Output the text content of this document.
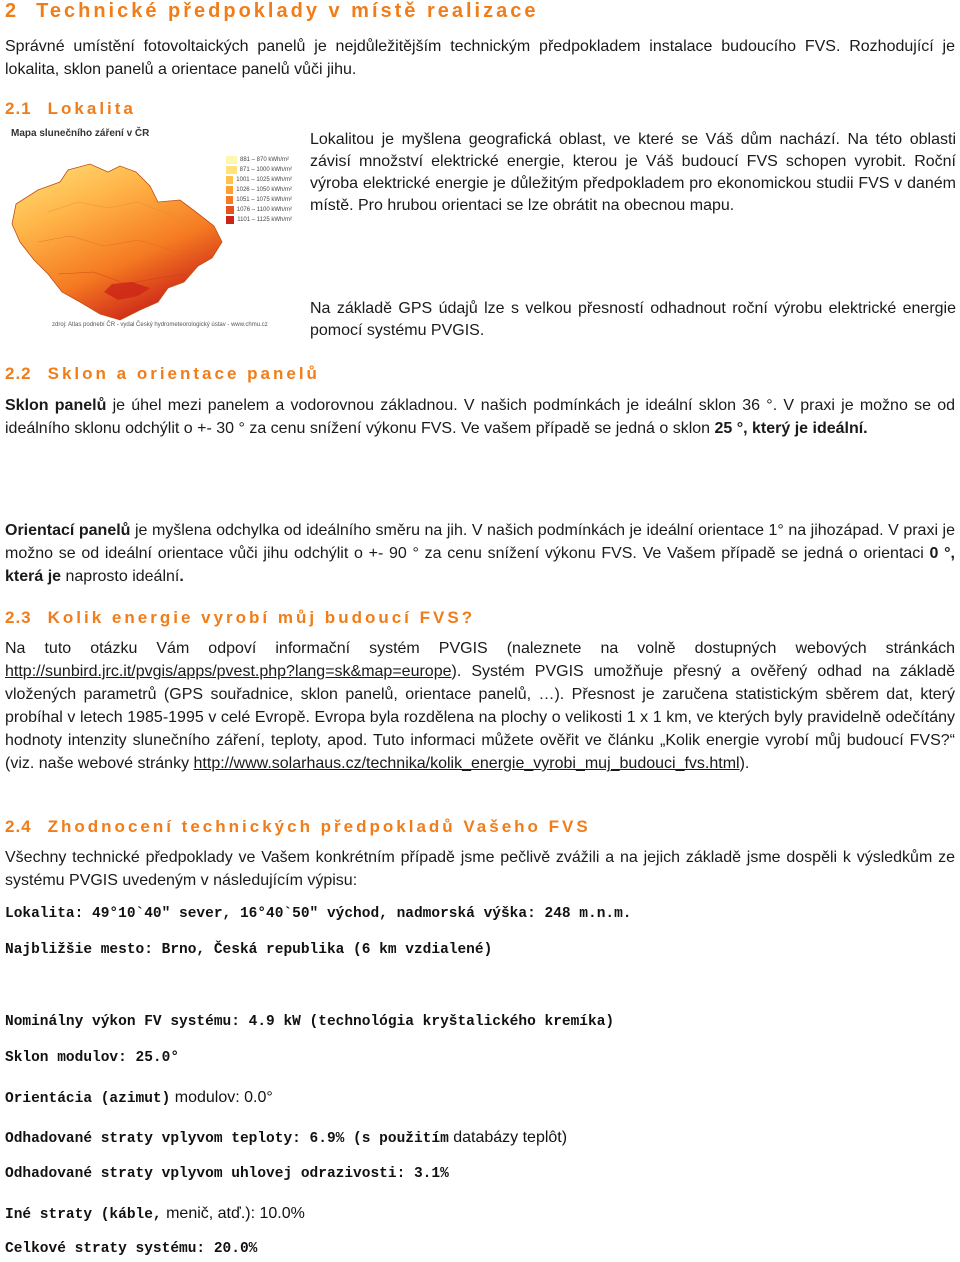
2 Technické předpoklady v místě realizace

Správné umístění fotovoltaických panelů je nejdůležitějším technickým předpokladem instalace budoucího FVS. Rozhodující je lokalita, sklon panelů a orientace panelů vůči jihu.

2.1 Lokalita
Mapa slunečního záření v ČR
881 – 870 kWh/m²
871 – 1000 kWh/m²
1001 – 1025 kWh/m²
1026 – 1050 kWh/m²
1051 – 1075 kWh/m²
1076 – 1100 kWh/m²
1101 – 1125 kWh/m²
zdroj: Atlas podnebí ČR - vydal Český hydrometeorologický ústav - www.chmu.cz

Lokalitou je myšlena geografická oblast, ve které se Váš dům nachází. Na této oblasti závisí množství elektrické energie, kterou je Váš budoucí FVS schopen vyrobit. Roční výroba elektrické energie je důležitým předpokladem pro ekonomickou studii FVS v daném místě. Pro hrubou orientaci se lze obrátit na obecnou mapu.

Na základě GPS údajů lze s velkou přesností odhadnout roční výrobu elektrické energie pomocí systému PVGIS.

2.2 Sklon a orientace panelů

Sklon panelů je úhel mezi panelem a vodorovnou základnou. V našich podmínkách je ideální sklon 36 °. V praxi je možno se od ideálního sklonu odchýlit o +- 30 ° za cenu snížení výkonu FVS. Ve vašem případě se jedná o sklon 25 °, který je ideální.

Orientací panelů je myšlena odchylka od ideálního směru na jih. V našich podmínkách je ideální orientace 1° na jihozápad. V praxi je možno se od ideální orientace vůči jihu odchýlit o +- 90 ° za cenu snížení výkonu FVS. Ve Vašem případě se jedná o orientaci 0 °, která je naprosto ideální.

2.3 Kolik energie vyrobí můj budoucí FVS?

Na tuto otázku Vám odpoví informační systém PVGIS (naleznete na volně dostupných webových stránkách http://sunbird.jrc.it/pvgis/apps/pvest.php?lang=sk&map=europe). Systém PVGIS umožňuje přesný a ověřený odhad na základě vložených parametrů (GPS souřadnice, sklon panelů, orientace panelů, …). Přesnost je zaručena statistickým sběrem dat, který probíhal v letech 1985-1995 v celé Evropě. Evropa byla rozdělena na plochy o velikosti 1 x 1 km, ve kterých byly pravidelně odečítány hodnoty intenzity slunečního záření, teploty, apod. Tuto informaci můžete ověřit ve článku „Kolik energie vyrobí můj budoucí FVS?“ (viz. naše webové stránky http://www.solarhaus.cz/technika/kolik_energie_vyrobi_muj_budouci_fvs.html).

2.4 Zhodnocení technických předpokladů Vašeho FVS

Všechny technické předpoklady ve Vašem konkrétním případě jsme pečlivě zvážili a na jejich základě jsme dospěli k výsledkům ze systému PVGIS uvedeným v následujícím výpisu:

Lokalita: 49°10`40" sever, 16°40`50" východ, nadmorská výška: 248 m.n.m.
Najbližšie mesto: Brno, Česká republika (6 km vzdialené)
Nominálny výkon FV systému: 4.9 kW (technológia kryštalického kremíka)
Sklon modulov: 25.0°
Orientácia (azimut) modulov: 0.0°
Odhadované straty vplyvom teploty: 6.9% (s použitím databázy teplôt)
Odhadované straty vplyvom uhlovej odrazivosti: 3.1%
Iné straty (káble, menič, atď.): 10.0%
Celkové straty systému: 20.0%
